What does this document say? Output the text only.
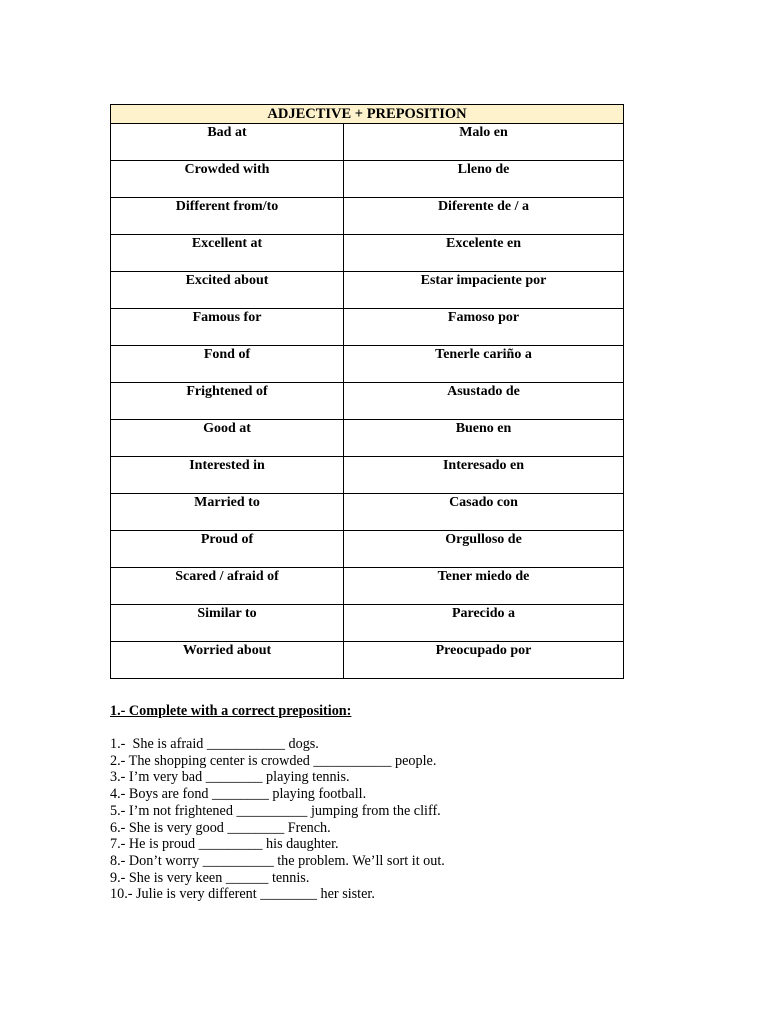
ADJECTIVE + PREPOSITION	
Bad at	Malo en
Crowded with	Lleno de
Different from/to	Diferente de / a
Excellent at	Excelente en
Excited about	Estar impaciente por
Famous for	Famoso por
Fond of	Tenerle cariño a
Frightened of	Asustado de
Good at	Bueno en
Interested in	Interesado en
Married to	Casado con
Proud of	Orgulloso de
Scared / afraid of	Tener miedo de
Similar to	Parecido a
Worried about	Preocupado por
1.- Complete with a correct preposition:
1.-  She is afraid ___________ dogs.
2.- The shopping center is crowded ___________ people.
3.- I’m very bad ________ playing tennis.
4.- Boys are fond ________ playing football.
5.- I’m not frightened __________ jumping from the cliff.
6.- She is very good ________ French.
7.- He is proud _________ his daughter.
8.- Don’t worry __________ the problem. We’ll sort it out.
9.- She is very keen ______ tennis.
10.- Julie is very different ________ her sister.
